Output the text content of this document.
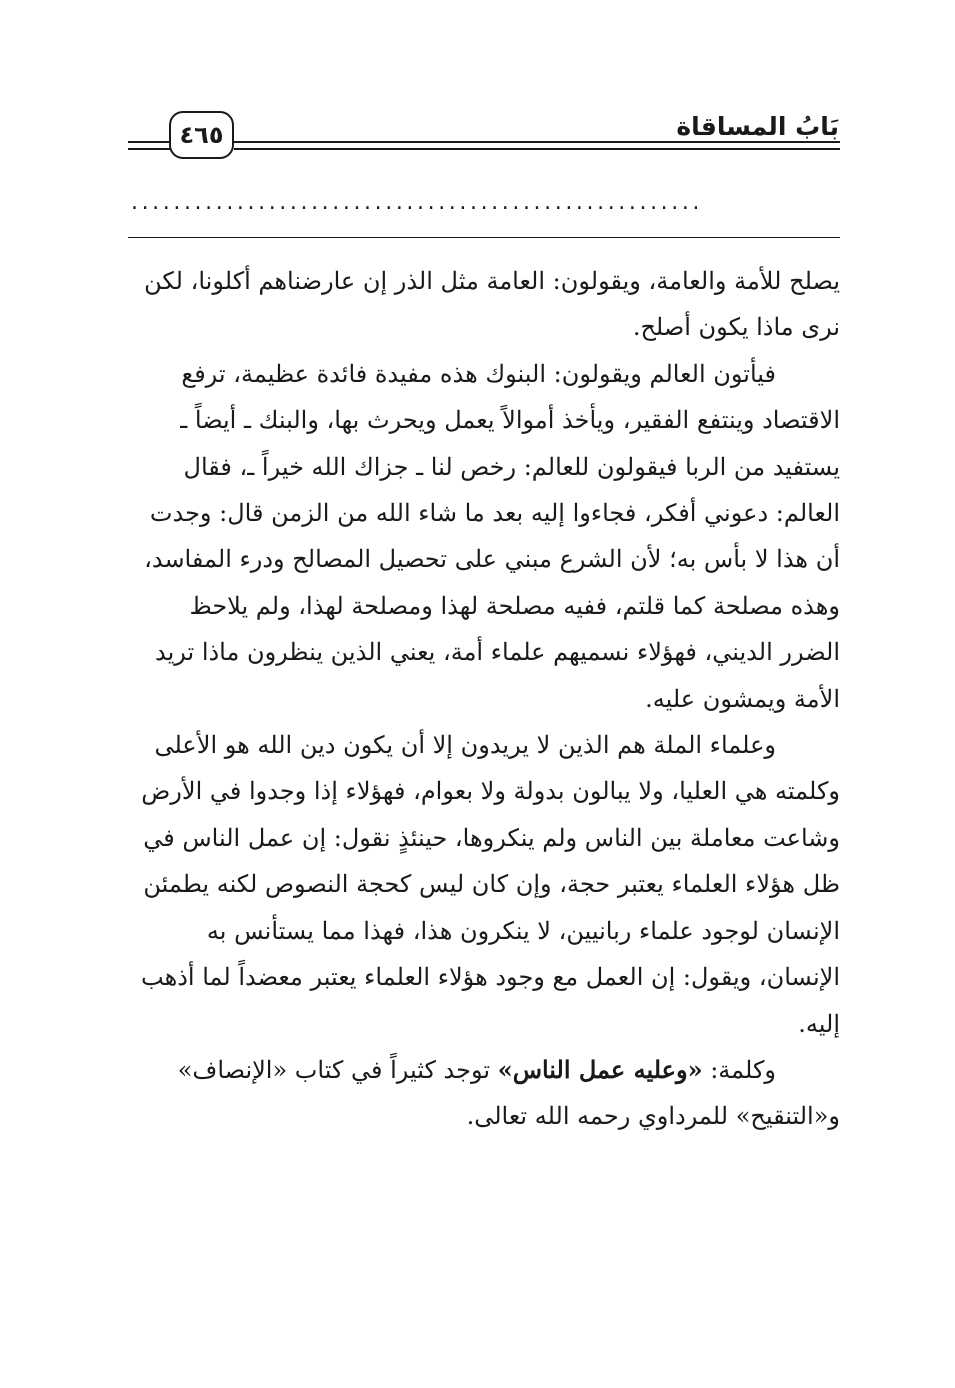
بَابُ المساقاة
٤٦٥
......................................................

يصلح للأمة والعامة، ويقولون: العامة مثل الذر إن عارضناهم أكلونا، لكن نرى ماذا يكون أصلح.

فيأتون العالم ويقولون: البنوك هذه مفيدة فائدة عظيمة، ترفع الاقتصاد وينتفع الفقير، ويأخذ أموالاً يعمل ويحرث بها، والبنك ـ أيضاً ـ يستفيد من الربا فيقولون للعالم: رخص لنا ـ جزاك الله خيراً ـ، فقال العالم: دعوني أفكر، فجاءوا إليه بعد ما شاء الله من الزمن قال: وجدت أن هذا لا بأس به؛ لأن الشرع مبني على تحصيل المصالح ودرء المفاسد، وهذه مصلحة كما قلتم، ففيه مصلحة لهذا ومصلحة لهذا، ولم يلاحظ الضرر الديني، فهؤلاء نسميهم علماء أمة، يعني الذين ينظرون ماذا تريد الأمة ويمشون عليه.

وعلماء الملة هم الذين لا يريدون إلا أن يكون دين الله هو الأعلى وكلمته هي العليا، ولا يبالون بدولة ولا بعوام، فهؤلاء إذا وجدوا في الأرض وشاعت معاملة بين الناس ولم ينكروها، حينئذٍ نقول: إن عمل الناس في ظل هؤلاء العلماء يعتبر حجة، وإن كان ليس كحجة النصوص لكنه يطمئن الإنسان لوجود علماء ربانيين، لا ينكرون هذا، فهذا مما يستأنس به الإنسان، ويقول: إن العمل مع وجود هؤلاء العلماء يعتبر معضداً لما أذهب إليه.

وكلمة: «وعليه عمل الناس» توجد كثيراً في كتاب «الإنصاف» و«التنقيح» للمرداوي رحمه الله تعالى.
